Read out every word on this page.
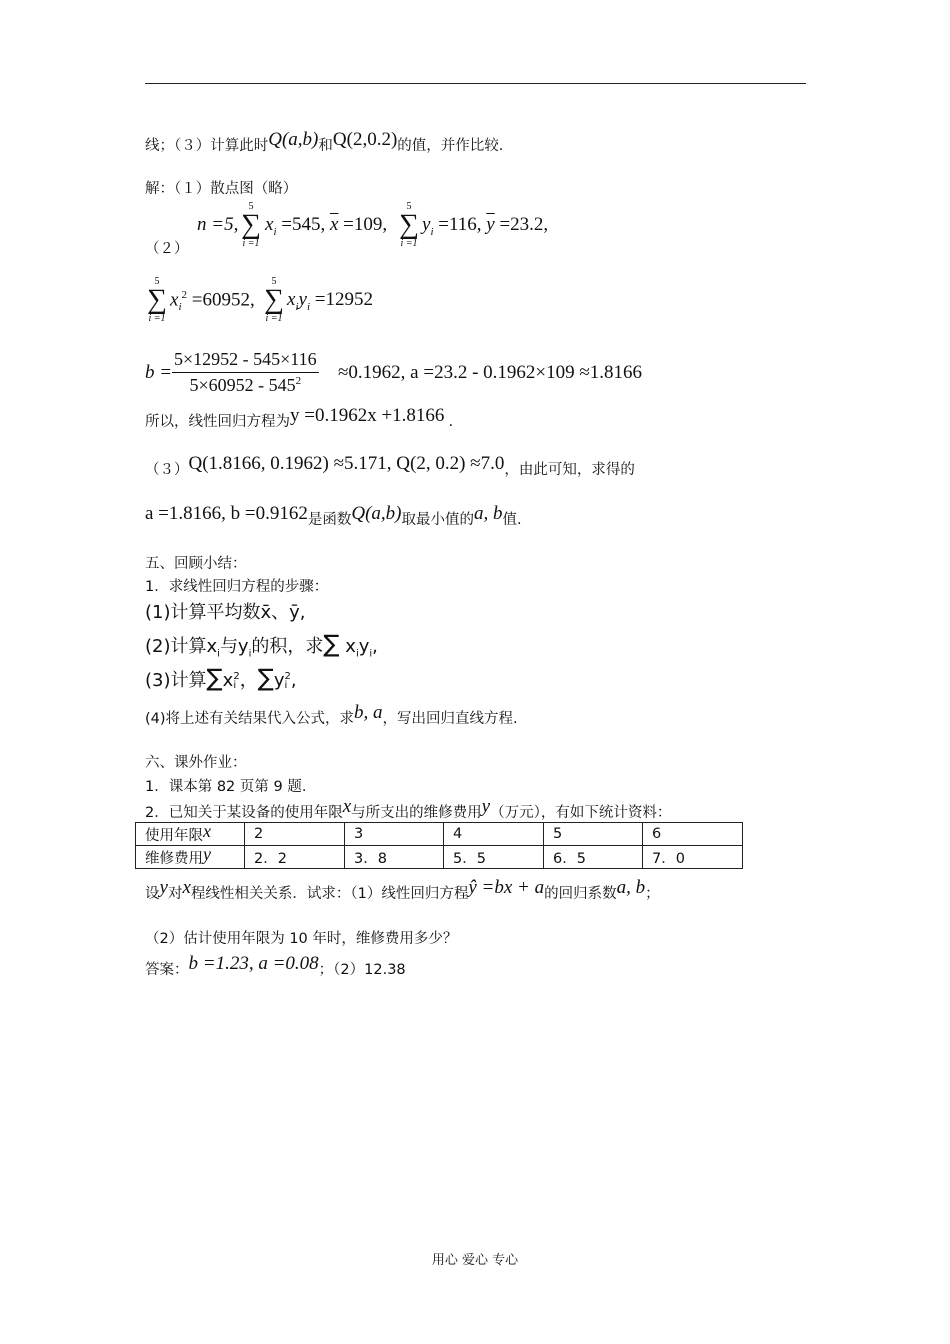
线；（３）计算此时Q(a,b)和Q(2,0.2)的值，并作比较.
解：（１）散点图（略）
（２）
n =5,
5
∑
i =1
$x_i =545$, $\overline{x} =109$,
5
∑
i =1
$y_i =116$, $\overline{y} =23.2$,
5
∑
i =1
$x_i^2 =60952$,
5
∑
i =1
$x_iy_i =12952$
$b = \frac{5\times 12952 - 545\times 116}{5\times 60952 - 545^2} \approx 0.1962$, a =23.2 - 0.1962×109 ≈1.8166
所以，线性回归方程为y =0.1962x +1.8166 .
（３）Q(1.8166, 0.1962) ≈5.171, Q(2, 0.2) ≈7.0，由此可知，求得的
a =1.8166, b =0.9162是函数Q(a,b)取最小值的a, b值.
五、回顾小结：
1．求线性回归方程的步骤：
(1)计算平均数x̄、ȳ,
(2)计算$x_i$与$y_i$的积，求∑ $x_iy_i$,
(3)计算∑x2
i ，∑y2
i ,
(4)将上述有关结果代入公式，求b, a，写出回归直线方程.
六、课外作业：
1．课本第 82 页第 9 题.
2．已知关于某设备的使用年限x与所支出的维修费用y（万元），有如下统计资料：
使用年限x	2	3	4	5	6
维修费用y	2．2	3．8	5．5	6．5	7．0
设y对x程线性相关关系．试求：（1）线性回归方程ŷ =bx + a的回归系数a, b；
（2）估计使用年限为 10 年时，维修费用多少？
答案：b =1.23, a =0.08；（2）12.38
用心 爱心 专心
